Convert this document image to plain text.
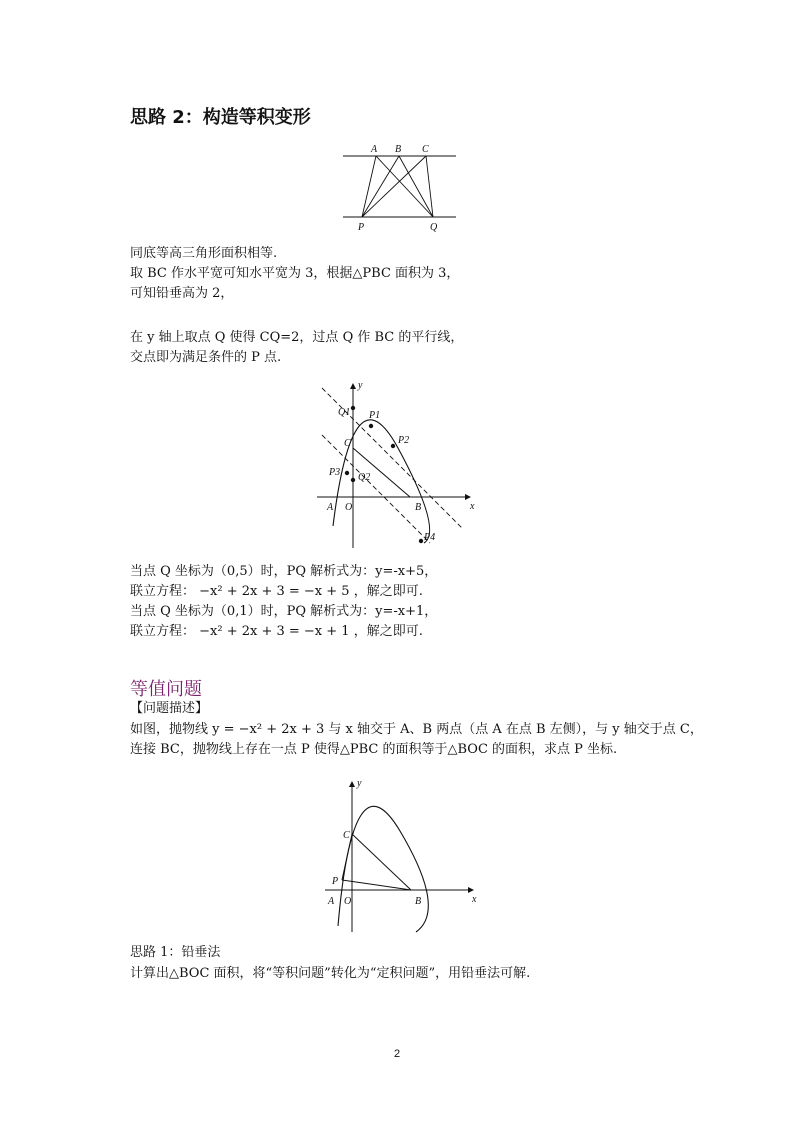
思路 2：构造等积变形
A B C
P	Q
同底等高三角形面积相等.
取 BC 作水平宽可知水平宽为 3，根据△PBC 面积为 3，
可知铅垂高为 2，
在 y 轴上取点 Q 使得 CQ=2，过点 Q 作 BC 的平行线，
交点即为满足条件的 P 点.
y
x
Q1 P1
C	P2
P3 Q2
A O	B
P4
当点 Q 坐标为（0,5）时，PQ 解析式为：y=-x+5，
联立方程： −x² + 2x + 3 = −x + 5 ，解之即可.
当点 Q 坐标为（0,1）时，PQ 解析式为：y=-x+1，
联立方程： −x² + 2x + 3 = −x + 1 ，解之即可.
等值问题
【问题描述】
如图，抛物线 y = −x² + 2x + 3 与 x 轴交于 A、B 两点（点 A 在点 B 左侧），与 y 轴交于点 C，
连接 BC，抛物线上存在一点 P 使得△PBC 的面积等于△BOC 的面积，求点 P 坐标.
y
x
C
P
A O	B
思路 1：铅垂法
计算出△BOC 面积，将“等积问题”转化为“定积问题”，用铅垂法可解.
2
